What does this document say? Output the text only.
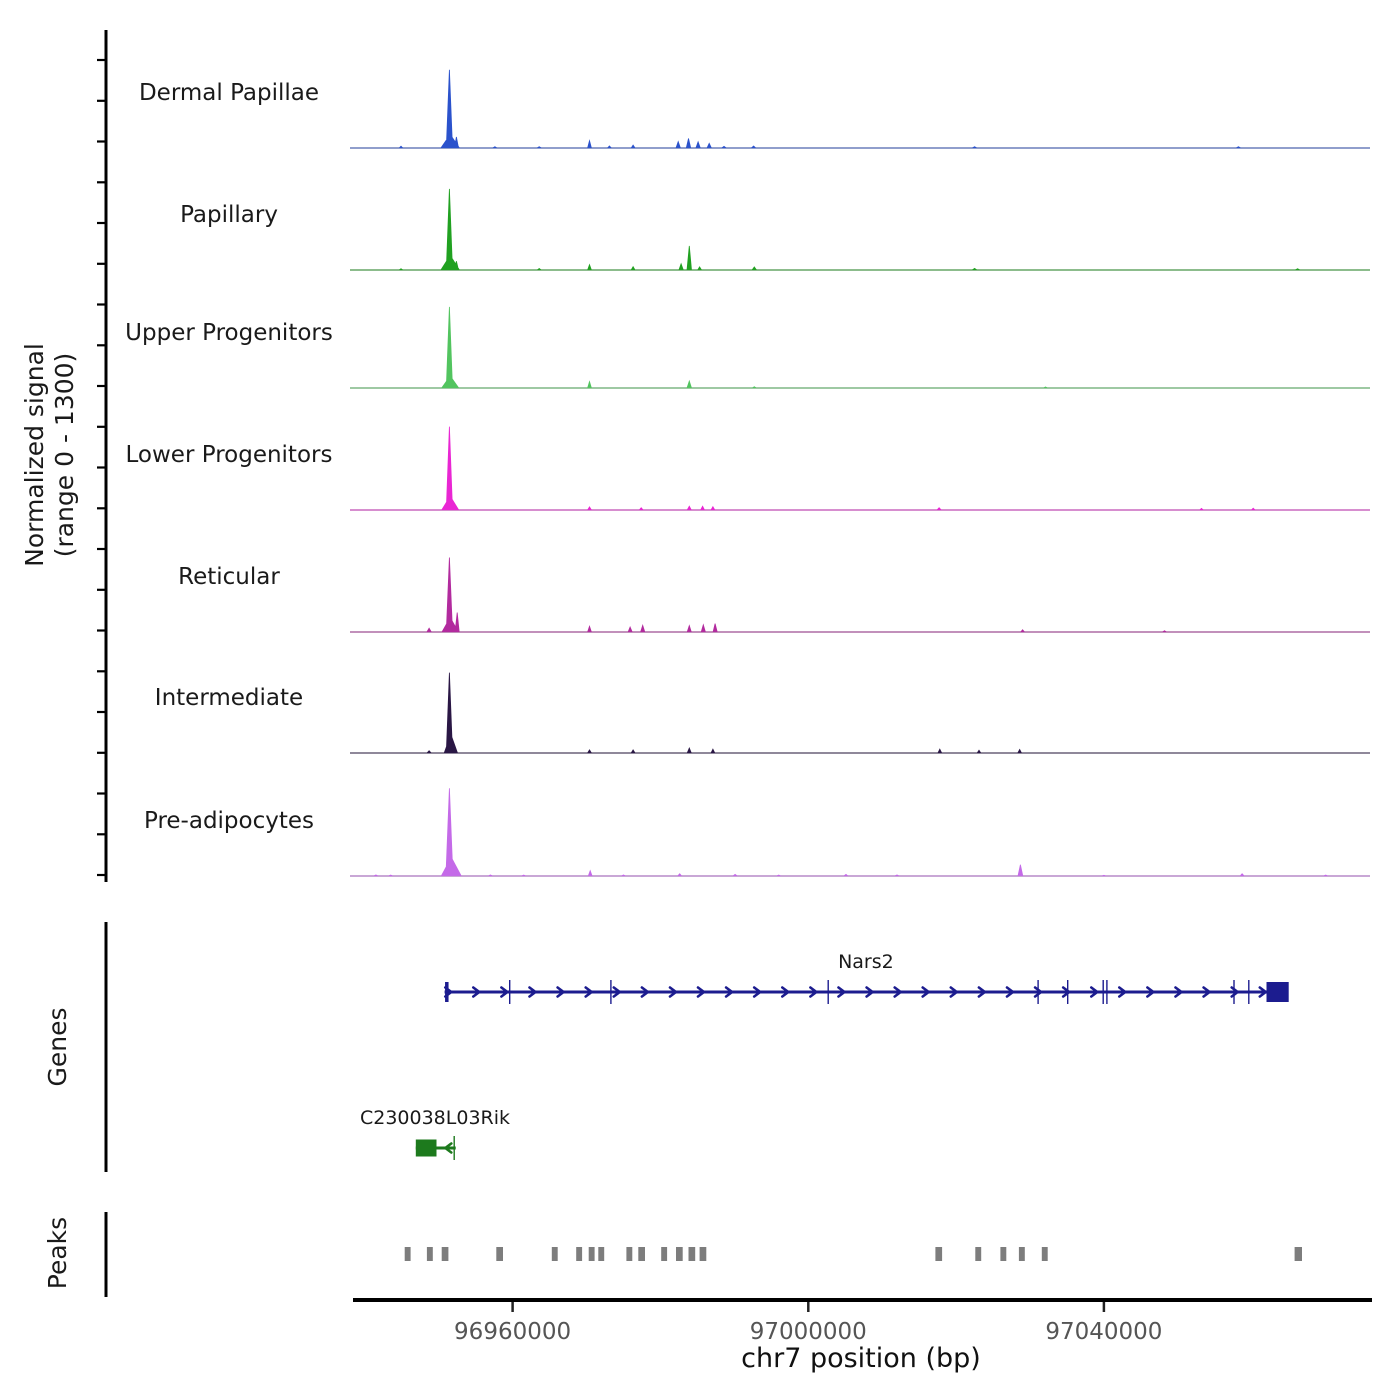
Dermal Papillae
Papillary
Upper Progenitors
Lower Progenitors
Reticular
Intermediate
Pre-adipocytes
Nars2
C230038L03Rik
96960000	97000000	97040000
Normalized signal (range 0 - 1300)
Genes
Peaks
chr7 position (bp)
